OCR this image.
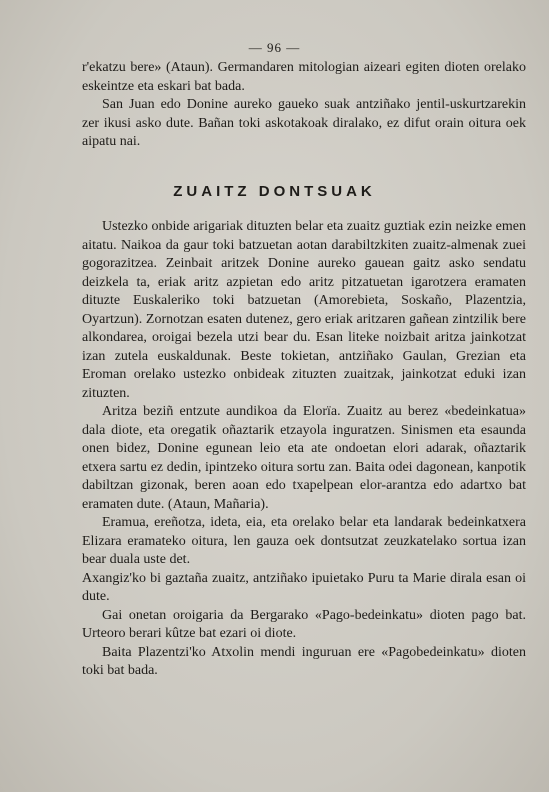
— 96 —

r'ekatzu bere» (Ataun). Germandaren mitologian aizeari egiten dioten orelako eskeintze eta eskari bat bada.

San Juan edo Donine aureko gaueko suak antziñako jentil-uskurtzarekin zer ikusi asko dute. Bañan toki askotakoak diralako, ez difut orain oitura oek aipatu nai.

ZUAITZ DONTSUAK

Ustezko onbide arigariak dituzten belar eta zuaitz guztiak ezin neizke emen aitatu. Naikoa da gaur toki batzuetan aotan darabiltzkiten zuaitz-almenak zuei gogorazitzea. Zeinbait aritzek Donine aureko gauean gaitz asko sendatu deizkela ta, eriak aritz azpietan edo aritz pitzatuetan igarotzera eramaten dituzte Euskaleriko toki batzuetan (Amorebieta, Soskaño, Plazentzia, Oyartzun). Zornotzan esaten dutenez, gero eriak aritzaren gañean zintzilik bere alkondarea, oroigai bezela utzi bear du. Esan liteke noizbait aritza jainkotzat izan zutela euskaldunak. Beste tokietan, antziñako Gaulan, Grezian eta Eroman orelako ustezko onbideak zituzten zuaitzak, jainkotzat eduki izan zituzten.

Aritza beziñ entzute aundikoa da Elorïa. Zuaitz au berez «bedeinkatua» dala diote, eta oregatik oñaztarik etzayola inguratzen. Sinismen eta esaunda onen bidez, Donine egunean leio eta ate ondoetan elori adarak, oñaztarik etxera sartu ez dedin, ipintzeko oitura sortu zan. Baita odei dagonean, kanpotik dabiltzan gizonak, beren aoan edo txapelpean elor-arantza edo adartxo bat eramaten dute. (Ataun, Mañaria).

Eramua, ereñotza, ideta, eia, eta orelako belar eta landarak bedeinkatxera Elizara eramateko oitura, len gauza oek dontsutzat zeuzkatelako sortua izan bear duala uste det.

Axangiz'ko bi gaztaña zuaitz, antziñako ipuietako Puru ta Marie dirala esan oi dute.

Gai onetan oroigaria da Bergarako «Pago-bedeinkatu» dioten pago bat. Urteoro berari kûtze bat ezari oi diote.

Baita Plazentzi'ko Atxolin mendi inguruan ere «Pagobedeinkatu» dioten toki bat bada.
